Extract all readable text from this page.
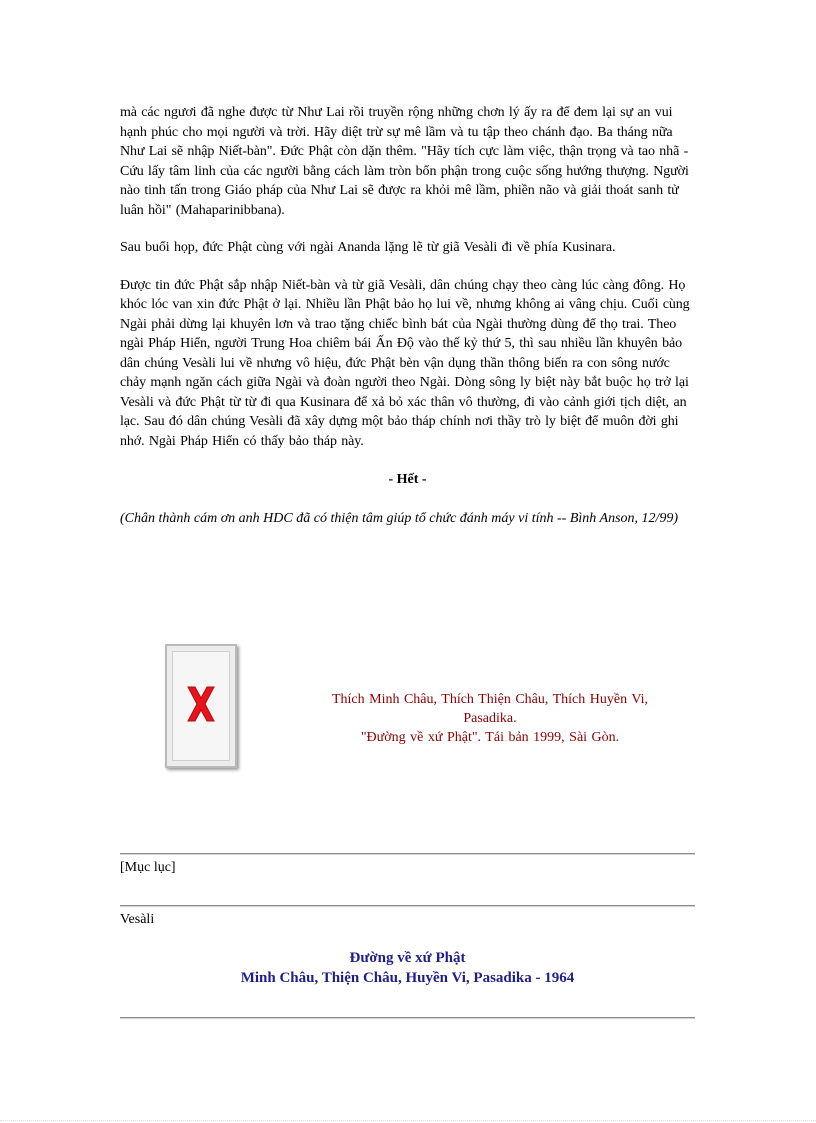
mà các ngươi đã nghe được từ Như Lai rồi truyền rộng những chơn lý ấy ra để đem lại sự an vui hạnh phúc cho mọi người và trời. Hãy diệt trừ sự mê lầm và tu tập theo chánh đạo. Ba tháng nữa Như Lai sẽ nhập Niết-bàn". Đức Phật còn dặn thêm. "Hãy tích cực làm việc, thận trọng và tao nhã - Cứu lấy tâm linh của các người bằng cách làm tròn bổn phận trong cuộc sống hướng thượng. Người nào tinh tấn trong Giáo pháp của Như Lai sẽ được ra khỏi mê lầm, phiền não và giải thoát sanh tử luân hồi" (Mahaparinibbana).

Sau buổi họp, đức Phật cùng với ngài Ananda lặng lẽ từ giã Vesàli đi về phía Kusinara.

Được tin đức Phật sắp nhập Niết-bàn và từ giã Vesàli, dân chúng chạy theo càng lúc càng đông. Họ khóc lóc van xin đức Phật ở lại. Nhiều lần Phật bảo họ lui về, nhưng không ai vâng chịu. Cuối cùng Ngài phải dừng lại khuyên lơn và trao tặng chiếc bình bát của Ngài thường dùng để thọ trai. Theo ngài Pháp Hiển, người Trung Hoa chiêm bái Ấn Độ vào thế kỷ thứ 5, thì sau nhiều lần khuyên bảo dân chúng Vesàli lui về nhưng vô hiệu, đức Phật bèn vận dụng thần thông biến ra con sông nước chảy mạnh ngăn cách giữa Ngài và đoàn người theo Ngài. Dòng sông ly biệt này bắt buộc họ trở lại Vesàli và đức Phật từ từ đi qua Kusinara để xả bỏ xác thân vô thường, đi vào cảnh giới tịch diệt, an lạc. Sau đó dân chúng Vesàli đã xây dựng một bảo tháp chính nơi thầy trò ly biệt để muôn đời ghi nhớ. Ngài Pháp Hiển có thấy bảo tháp này.

- Hết -

(Chân thành cám ơn anh HDC đã có thiện tâm giúp tổ chức đánh máy vi tính -- Bình Anson, 12/99)

Thích Minh Châu, Thích Thiện Châu, Thích Huyền Vi, Pasadika.
"Đường về xứ Phật". Tái bản 1999, Sài Gòn.
[Mục lục]
Vesàli
Đường về xứ Phật
Minh Châu, Thiện Châu, Huyền Vi, Pasadika - 1964
